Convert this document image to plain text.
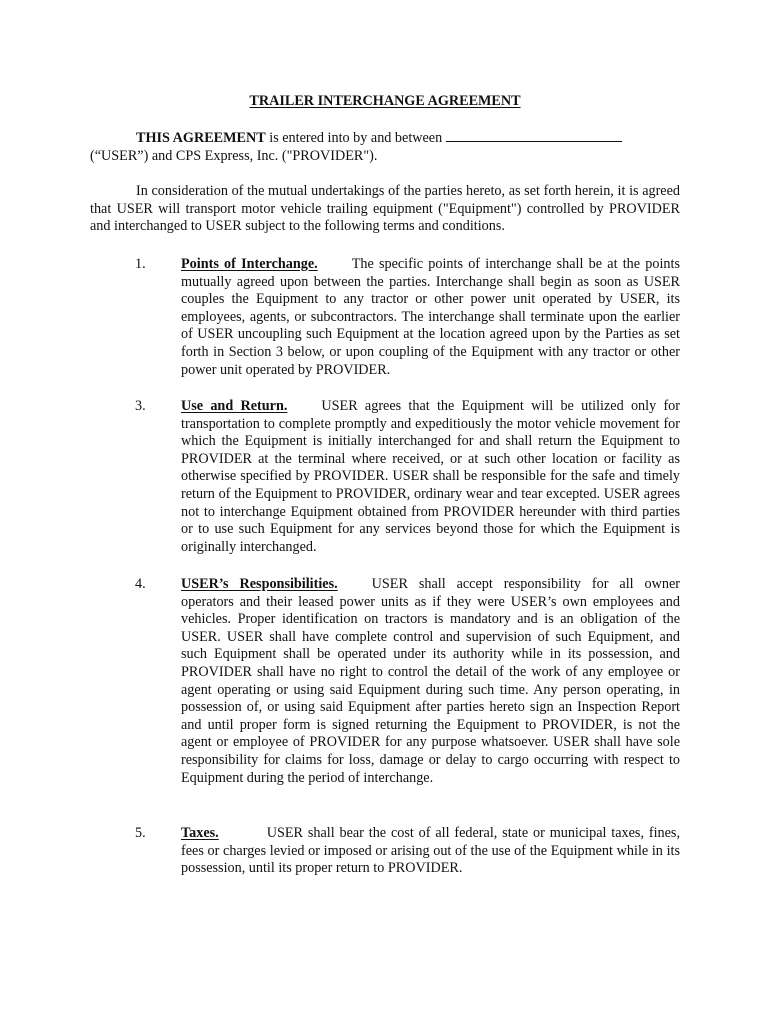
TRAILER INTERCHANGE AGREEMENT
THIS AGREEMENT is entered into by and between
(“USER”) and CPS Express, Inc. ("PROVIDER").
In consideration of the mutual undertakings of the parties hereto, as set forth herein, it is agreed that USER will transport motor vehicle trailing equipment ("Equipment") controlled by PROVIDER and interchanged to USER subject to the following terms and conditions.
1. Points of Interchange. The specific points of interchange shall be at the points mutually agreed upon between the parties. Interchange shall begin as soon as USER couples the Equipment to any tractor or other power unit operated by USER, its employees, agents, or subcontractors. The interchange shall terminate upon the earlier of USER uncoupling such Equipment at the location agreed upon by the Parties as set forth in Section 3 below, or upon coupling of the Equipment with any tractor or other power unit operated by PROVIDER.
3. Use and Return. USER agrees that the Equipment will be utilized only for transportation to complete promptly and expeditiously the motor vehicle movement for which the Equipment is initially interchanged for and shall return the Equipment to PROVIDER at the terminal where received, or at such other location or facility as otherwise specified by PROVIDER. USER shall be responsible for the safe and timely return of the Equipment to PROVIDER, ordinary wear and tear excepted. USER agrees not to interchange Equipment obtained from PROVIDER hereunder with third parties or to use such Equipment for any services beyond those for which the Equipment is originally interchanged.
4. USER’s Responsibilities. USER shall accept responsibility for all owner operators and their leased power units as if they were USER’s own employees and vehicles. Proper identification on tractors is mandatory and is an obligation of the USER. USER shall have complete control and supervision of such Equipment, and such Equipment shall be operated under its authority while in its possession, and PROVIDER shall have no right to control the detail of the work of any employee or agent operating or using said Equipment during such time. Any person operating, in possession of, or using said Equipment after parties hereto sign an Inspection Report and until proper form is signed returning the Equipment to PROVIDER, is not the agent or employee of PROVIDER for any purpose whatsoever. USER shall have sole responsibility for claims for loss, damage or delay to cargo occurring with respect to Equipment during the period of interchange.
5. Taxes.	USER shall bear the cost of all federal, state or municipal taxes, fines, fees or charges levied or imposed or arising out of the use of the Equipment while in its possession, until its proper return to PROVIDER.
